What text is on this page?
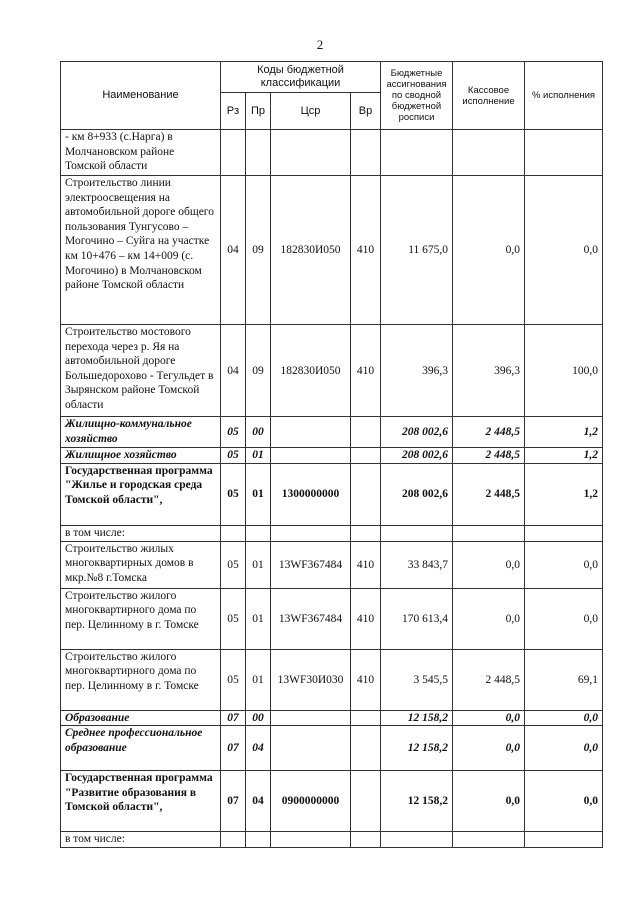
2
Наименование	Коды бюджетной классификации				Бюджетные ассигнования по сводной бюджетной росписи	Кассовое исполнение	% исполнения
	Рз	Пр	Цср	Вр			
- км 8+933 (с.Нарга) в Молчановском районе Томской области							
Строительство линии электроосвещения на автомобильной дороге общего пользования Тунгусово – Могочино – Суйга на участке км 10+476 – км 14+009 (с. Могочино) в Молчановском районе Томской области	04	09	182830И050	410	11 675,0	0,0	0,0
Строительство мостового перехода через р. Яя на автомобильной дороге Большедорохово - Тегульдет в Зырянском районе Томской области	04	09	182830И050	410	396,3	396,3	100,0
Жилищно-коммунальное хозяйство	05	00			208 002,6	2 448,5	1,2
Жилищное хозяйство	05	01			208 002,6	2 448,5	1,2
Государственная программа "Жилье и городская среда Томской области",	05	01	1300000000		208 002,6	2 448,5	1,2
в том числе:							
Строительство жилых многоквартирных домов в мкр.№8 г.Томска	05	01	13WF367484	410	33 843,7	0,0	0,0
Строительство жилого многоквартирного дома по пер. Целинному в г. Томске	05	01	13WF367484	410	170 613,4	0,0	0,0
Строительство жилого многоквартирного дома по пер. Целинному в г. Томске	05	01	13WF30И030	410	3 545,5	2 448,5	69,1
Образование	07	00			12 158,2	0,0	0,0
Среднее профессиональное образование	07	04			12 158,2	0,0	0,0
Государственная программа "Развитие образования в Томской области",	07	04	0900000000		12 158,2	0,0	0,0
в том числе:							
